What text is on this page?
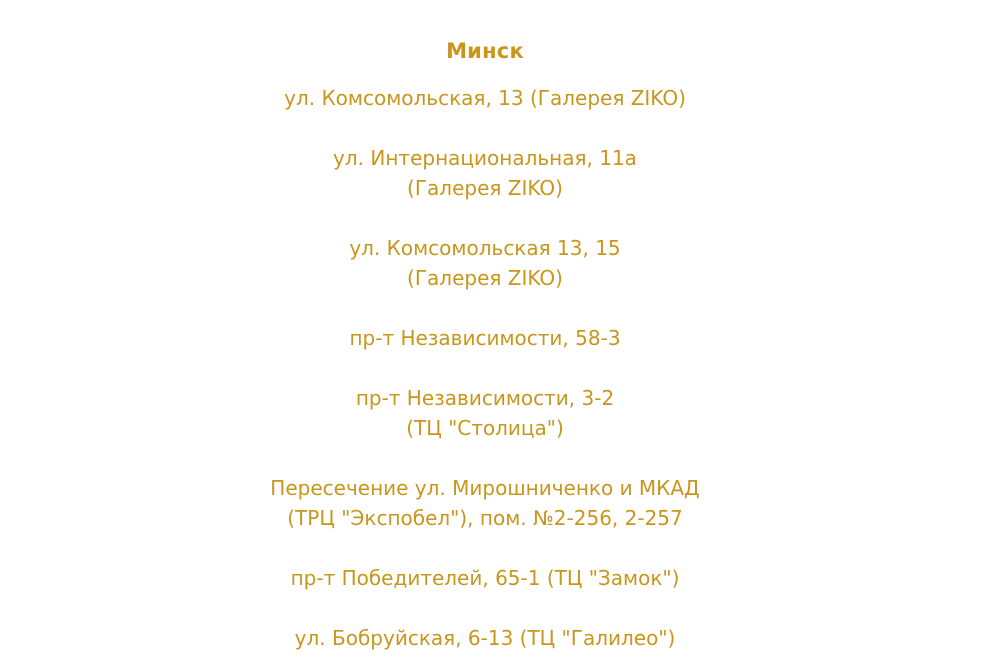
Минск
ул. Комсомольская, 13 (Галерея ZIKO)
ул. Интернациональная, 11а
(Галерея ZIKO)
ул. Комсомольская 13, 15
(Галерея ZIKO)
пр-т Независимости, 58-3
пр-т Независимости, 3-2
(ТЦ "Столица")
Пересечение ул. Мирошниченко и МКАД
(ТРЦ "Экспобел"), пом. №2-256, 2-257
пр-т Победителей, 65-1 (ТЦ "Замок")
ул. Бобруйская, 6-13 (ТЦ "Галилео")
